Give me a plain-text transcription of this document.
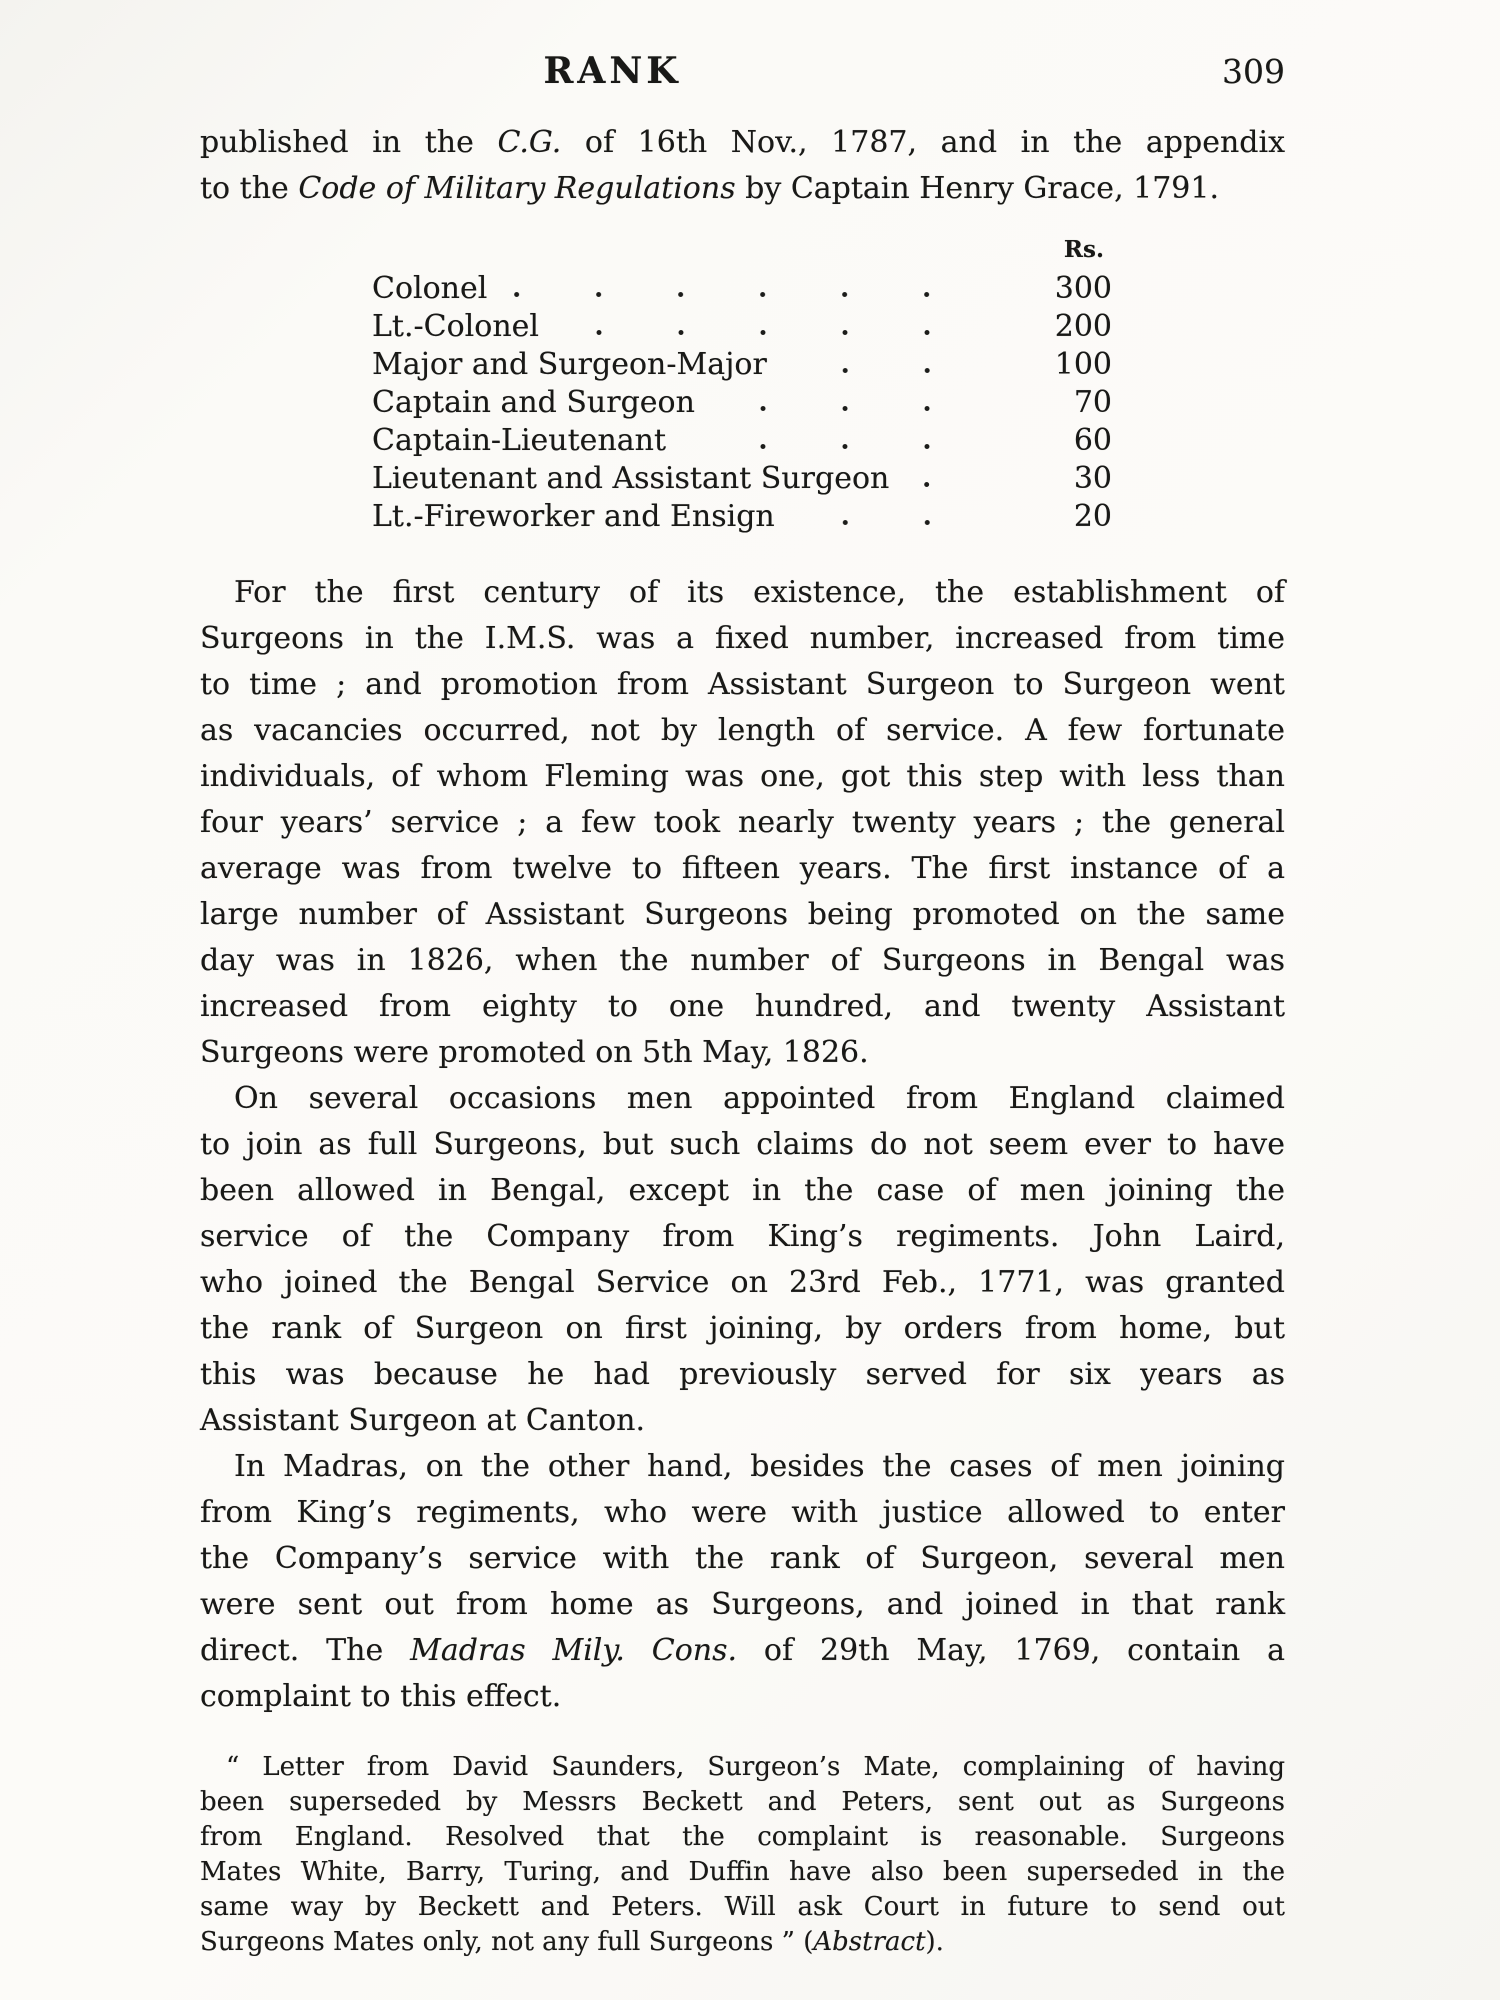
RANK	309
published in the C.G. of 16th Nov., 1787, and in the appendix
to the Code of Military Regulations by Captain Henry Grace, 1791.
Rs.
Colonel	300
Lt.-Colonel	200
Major and Surgeon-Major	100
Captain and Surgeon	70
Captain-Lieutenant	60
Lieutenant and Assistant Surgeon	30
Lt.-Fireworker and Ensign	20
For the first century of its existence, the establishment of
Surgeons in the I.M.S. was a fixed number, increased from time
to time ; and promotion from Assistant Surgeon to Surgeon went
as vacancies occurred, not by length of service. A few fortunate
individuals, of whom Fleming was one, got this step with less than
four years’ service ; a few took nearly twenty years ; the general
average was from twelve to fifteen years. The first instance of a
large number of Assistant Surgeons being promoted on the same
day was in 1826, when the number of Surgeons in Bengal was
increased from eighty to one hundred, and twenty Assistant
Surgeons were promoted on 5th May, 1826.
On several occasions men appointed from England claimed
to join as full Surgeons, but such claims do not seem ever to have
been allowed in Bengal, except in the case of men joining the
service of the Company from King’s regiments. John Laird,
who joined the Bengal Service on 23rd Feb., 1771, was granted
the rank of Surgeon on first joining, by orders from home, but
this was because he had previously served for six years as
Assistant Surgeon at Canton.
In Madras, on the other hand, besides the cases of men joining
from King’s regiments, who were with justice allowed to enter
the Company’s service with the rank of Surgeon, several men
were sent out from home as Surgeons, and joined in that rank
direct. The Madras Mily. Cons. of 29th May, 1769, contain a
complaint to this effect.
“ Letter from David Saunders, Surgeon’s Mate, complaining of having
been superseded by Messrs Beckett and Peters, sent out as Surgeons
from England. Resolved that the complaint is reasonable. Surgeons
Mates White, Barry, Turing, and Duffin have also been superseded in the
same way by Beckett and Peters. Will ask Court in future to send out
Surgeons Mates only, not any full Surgeons ” (Abstract).
